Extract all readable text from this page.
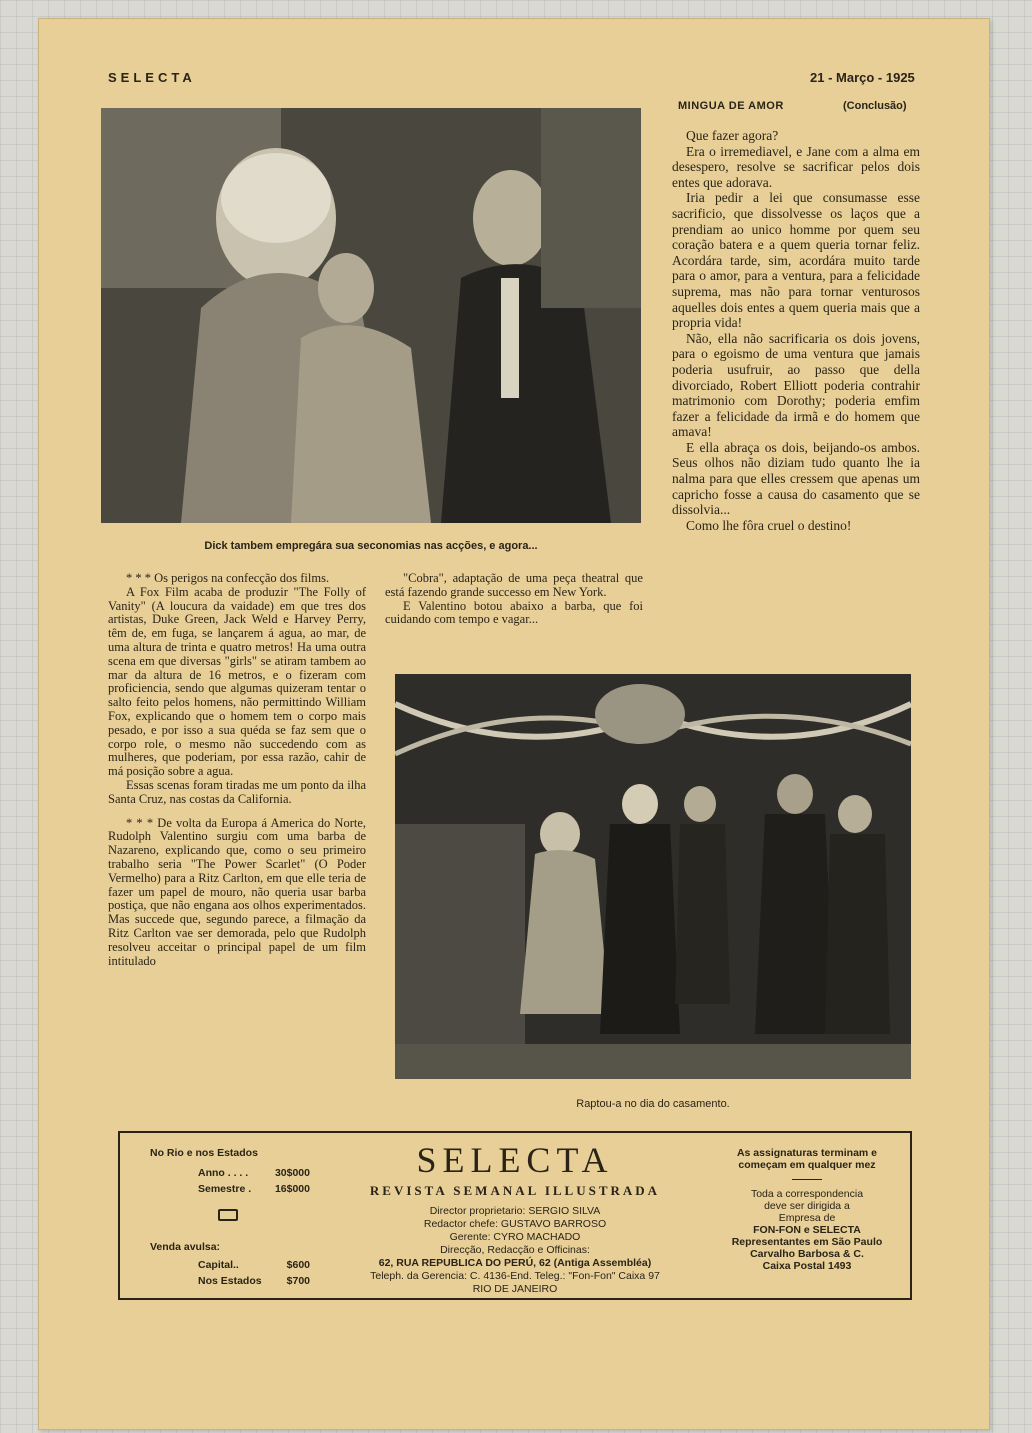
SELECTA	21 - Março - 1925
Dick tambem empregára sua seconomias nas acções, e agora...
MINGUA DE AMOR	(Conclusão)

Que fazer agora?

Era o irremediavel, e Jane com a alma em desespero, resolve se sacrificar pelos dois entes que adorava.

Iria pedir a lei que consumasse esse sacrificio, que dissolvesse os laços que a prendiam ao unico homme por quem seu coração batera e a quem queria tornar feliz. Acordára tarde, sim, acordára muito tarde para o amor, para a ventura, para a felicidade suprema, mas não para tornar venturosos aquelles dois entes a quem queria mais que a propria vida!

Não, ella não sacrificaria os dois jovens, para o egoismo de uma ventura que jamais poderia usufruir, ao passo que della divorciado, Robert Elliott poderia contrahir matrimonio com Dorothy; poderia emfim fazer a felicidade da irmã e do homem que amava!

E ella abraça os dois, beijando-os ambos. Seus olhos não diziam tudo quanto lhe ia nalma para que elles cressem que apenas um capricho fosse a causa do casamento que se dissolvia...

Como lhe fôra cruel o destino!

* * * Os perigos na confecção dos films.

A Fox Film acaba de produzir "The Folly of Vanity" (A loucura da vaidade) em que tres dos artistas, Duke Green, Jack Weld e Harvey Perry, têm de, em fuga, se lançarem á agua, ao mar, de uma altura de trinta e quatro metros! Ha uma outra scena em que diversas "girls" se atiram tambem ao mar da altura de 16 metros, e o fizeram com proficiencia, sendo que algumas quizeram tentar o salto feito pelos homens, não permittindo William Fox, explicando que o homem tem o corpo mais pesado, e por isso a sua quéda se faz sem que o corpo role, o mesmo não succedendo com as mulheres, que poderiam, por essa razão, cahir de má posição sobre a agua.

Essas scenas foram tiradas me um ponto da ilha Santa Cruz, nas costas da California.

* * * De volta da Europa á America do Norte, Rudolph Valentino surgiu com uma barba de Nazareno, explicando que, como o seu primeiro trabalho seria "The Power Scarlet" (O Poder Vermelho) para a Ritz Carlton, em que elle teria de fazer um papel de mouro, não queria usar barba postiça, que não engana aos olhos experimentados. Mas succede que, segundo parece, a filmação da Ritz Carlton vae ser demorada, pelo que Rudolph resolveu acceitar o principal papel de um film intitulado

"Cobra", adaptação de uma peça theatral que está fazendo grande successo em New York.

E Valentino botou abaixo a barba, que foi cuidando com tempo e vagar...

Raptou-a no dia do casamento.
No Rio e nos Estados
Anno . . . .	30$000
Semestre . 16$000
Venda avulsa:
Capital..	$600
Nos Estados $700
SELECTA
REVISTA SEMANAL ILLUSTRADA
Director proprietario: SERGIO SILVA
Redactor chefe: GUSTAVO BARROSO
Gerente: CYRO MACHADO
Direcção, Redacção e Officinas:
62, RUA REPUBLICA DO PERÚ, 62 (Antiga Assembléa)
Teleph. da Gerencia: C. 4136-End. Teleg.: "Fon-Fon" Caixa 97
RIO DE JANEIRO
As assignaturas terminam e
começam em qualquer mez
Toda a correspondencia
deve ser dirigida a
Empresa de
FON-FON e SELECTA
Representantes em São Paulo
Carvalho Barbosa & C.
Caixa Postal 1493
